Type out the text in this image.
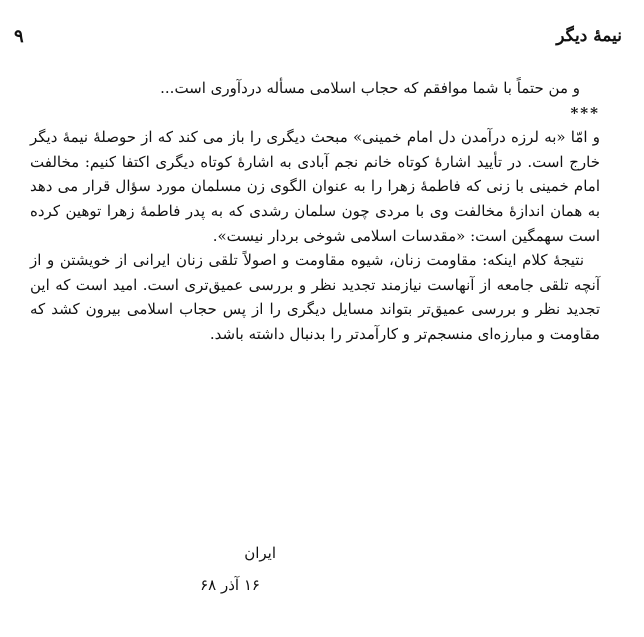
نیمهٔ دیگر
۹

و من حتماً با شما موافقم که حجاب اسلامی مسأله دردآوری است...

***

و امّا «به لرزه درآمدن دل امام خمینی» مبحث دیگری را باز می کند که از حوصلهٔ نیمهٔ دیگر خارج است. در تأیید اشارهٔ کوتاه خانم نجم آبادی به اشارهٔ کوتاه دیگری اکتفا کنیم: مخالفت امام خمینی با زنی که فاطمهٔ زهرا را به عنوان الگوی زن مسلمان مورد سؤال قرار می دهد به همان اندازهٔ مخالفت وی با مردی چون سلمان رشدی که به پدر فاطمهٔ زهرا توهین کرده است سهمگین است: «مقدسات اسلامی شوخی بردار نیست».

نتیجهٔ کلام اینکه: مقاومت زنان، شیوه مقاومت و اصولاً تلقی زنان ایرانی از خویشتن و از آنچه تلقی جامعه از آنهاست نیازمند تجدید نظر و بررسی عمیق‌تری است. امید است که این تجدید نظر و بررسی عمیق‌تر بتواند مسایل دیگری را از پس حجاب اسلامی بیرون کشد که مقاومت و مبارزه‌ای منسجم‌تر و کارآمدتر را بدنبال داشته باشد.

ایران
۱۶ آذر ۶۸
